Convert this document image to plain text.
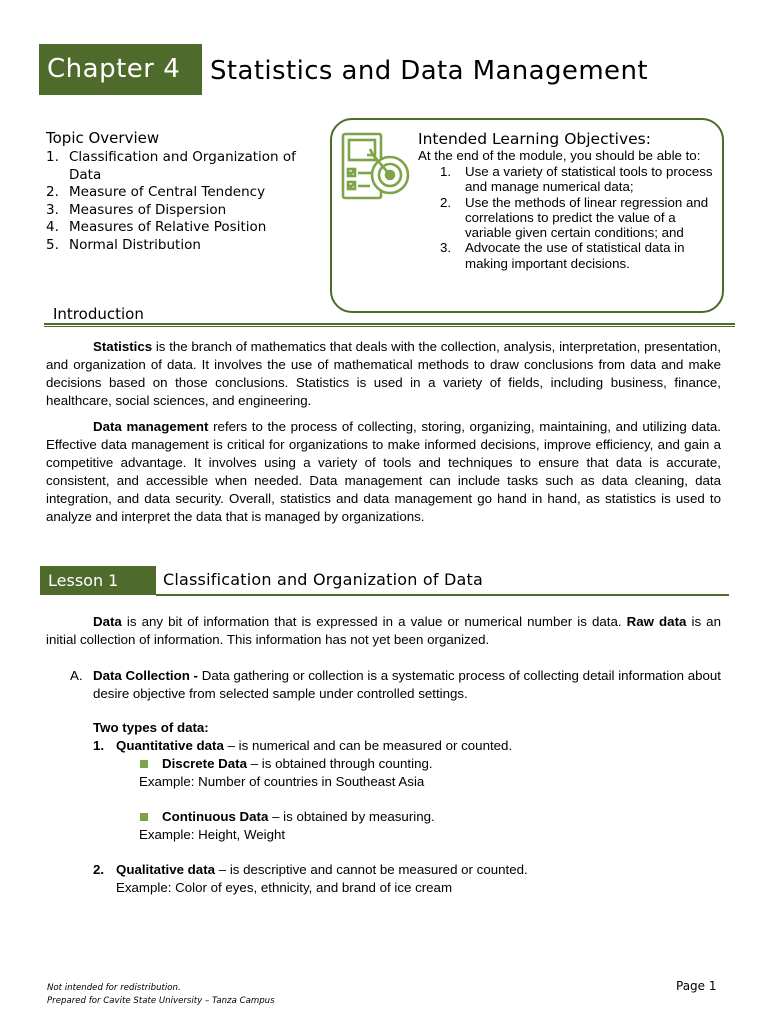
Chapter 4	Statistics and Data Management
Topic Overview
1. Classification and Organization of Data
2. Measure of Central Tendency
3. Measures of Dispersion
4. Measures of Relative Position
5. Normal Distribution
Intended Learning Objectives:
At the end of the module, you should be able to:
1.	Use a variety of statistical tools to process and manage numerical data;
2.	Use the methods of linear regression and correlations to predict the value of a variable given certain conditions; and
3.	Advocate the use of statistical data in making important decisions.
Introduction

Statistics is the branch of mathematics that deals with the collection, analysis, interpretation, presentation, and organization of data. It involves the use of mathematical methods to draw conclusions from data and make decisions based on those conclusions. Statistics is used in a variety of fields, including business, finance, healthcare, social sciences, and engineering.

Data management refers to the process of collecting, storing, organizing, maintaining, and utilizing data. Effective data management is critical for organizations to make informed decisions, improve efficiency, and gain a competitive advantage. It involves using a variety of tools and techniques to ensure that data is accurate, consistent, and accessible when needed. Data management can include tasks such as data cleaning, data integration, and data security. Overall, statistics and data management go hand in hand, as statistics is used to analyze and interpret the data that is managed by organizations.

Lesson 1	Classification and Organization of Data

Data is any bit of information that is expressed in a value or numerical number is data. Raw data is an initial collection of information. This information has not yet been organized.

A. Data Collection - Data gathering or collection is a systematic process of collecting detail information about desire objective from selected sample under controlled settings.

Two types of data:
1. Quantitative data – is numerical and can be measured or counted.
Discrete Data – is obtained through counting.
Example: Number of countries in Southeast Asia
Continuous Data – is obtained by measuring.
Example: Height, Weight
2. Qualitative data – is descriptive and cannot be measured or counted.
Example: Color of eyes, ethnicity, and brand of ice cream
Not intended for redistribution.
Prepared for Cavite State University – Tanza Campus
Page 1
